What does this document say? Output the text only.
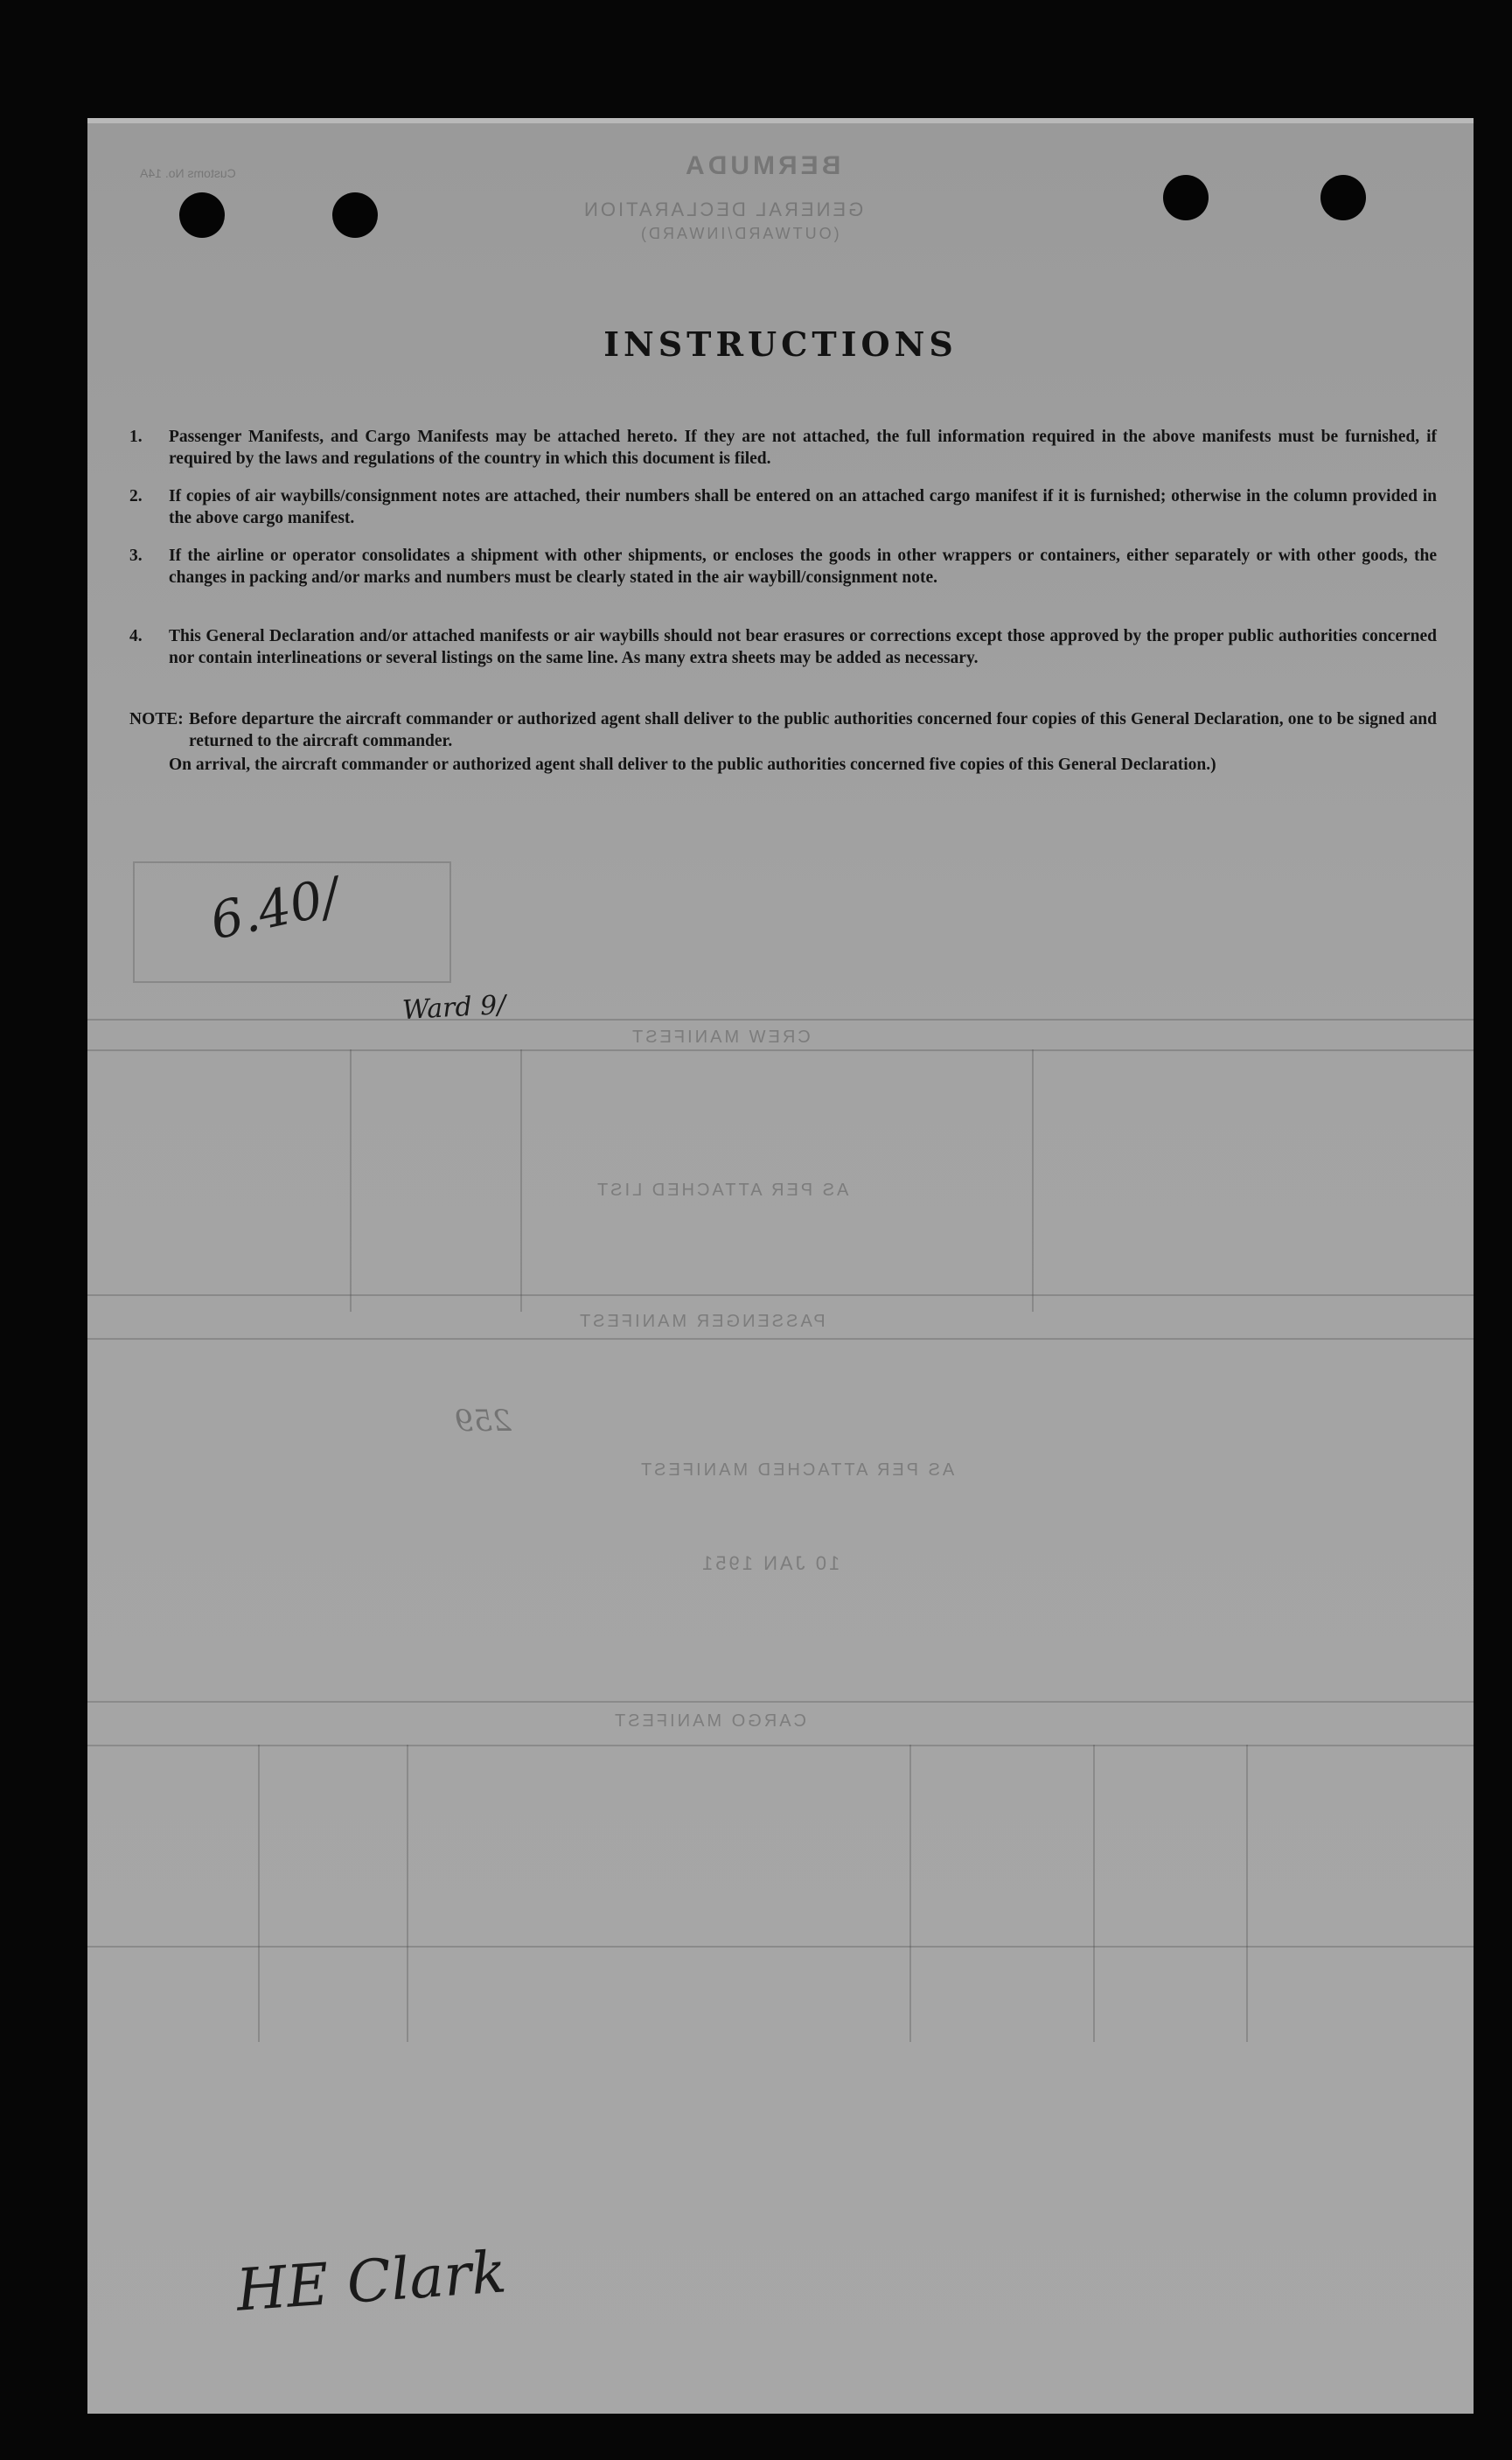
BERMUDA
GENERAL DECLARATION
(OUTWARD/INWARD)
Customs No. 14A
CREW MANIFEST
PASSENGER MANIFEST
CARGO MANIFEST
AS PER ATTACHED LIST
AS PER ATTACHED MANIFEST
10 JAN 1951
259
INSTRUCTIONS
1.	Passenger Manifests, and Cargo Manifests may be attached hereto. If they are not attached, the full information required in the above manifests must be furnished, if required by the laws and regulations of the country in which this document is filed.
2.	If copies of air waybills/consignment notes are attached, their numbers shall be entered on an attached cargo manifest if it is furnished; otherwise in the column provided in the above cargo manifest.
3.	If the airline or operator consolidates a shipment with other shipments, or encloses the goods in other wrappers or containers, either separately or with other goods, the changes in packing and/or marks and numbers must be clearly stated in the air waybill/consignment note.
4.	This General Declaration and/or attached manifests or air waybills should not bear erasures or corrections except those approved by the proper public authorities concerned nor contain interlineations or several listings on the same line. As many extra sheets may be added as necessary.
NOTE: Before departure the aircraft commander or authorized agent shall deliver to the public authorities concerned four copies of this General Declaration, one to be signed and returned to the aircraft commander.
On arrival, the aircraft commander or authorized agent shall deliver to the public authorities concerned five copies of this General Declaration.)
6.40/
Ward 9/
HE Clark
